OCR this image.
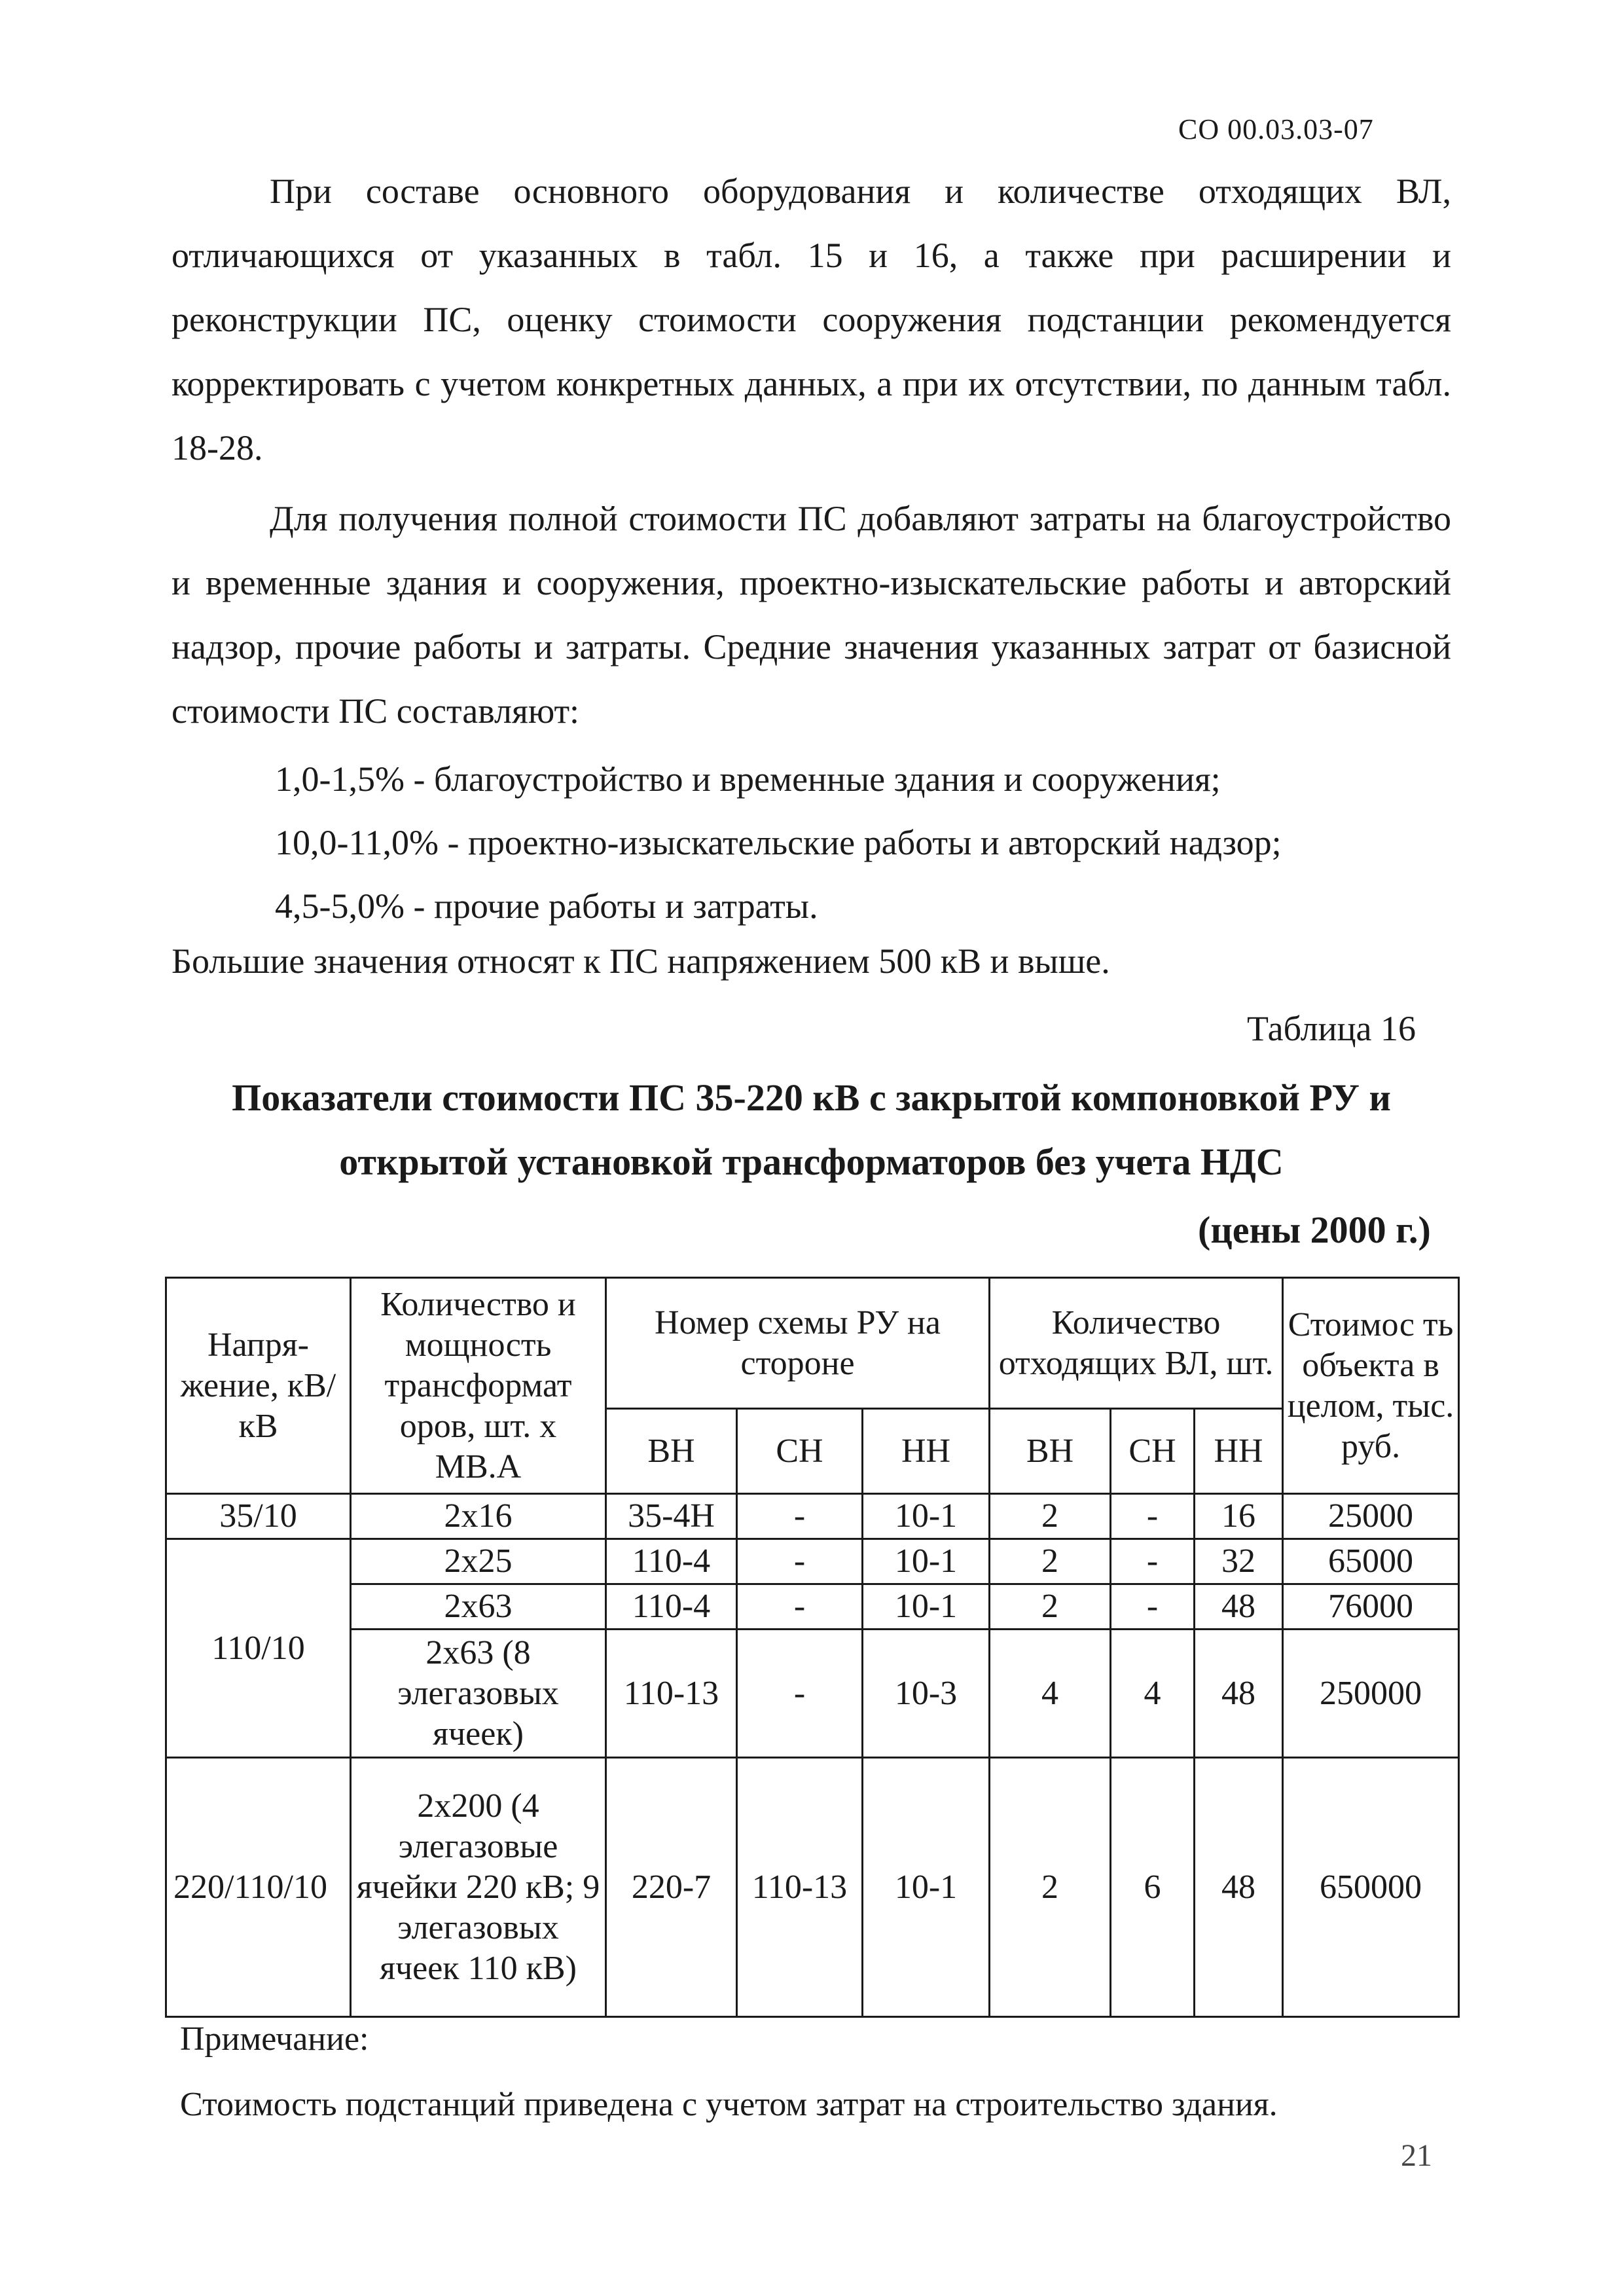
СО 00.03.03-07
При составе основного оборудования и количестве отходящих ВЛ, отличающихся от указанных в табл. 15 и 16, а также при расширении и реконструкции ПС, оценку стоимости сооружения подстанции рекомендуется корректировать с учетом конкретных данных, а при их отсутствии, по данным табл. 18-28.
Для получения полной стоимости ПС добавляют затраты на благоустройство и временные здания и сооружения, проектно-изыскательские работы и авторский надзор, прочие работы и затраты. Средние значения указанных затрат от базисной стоимости ПС составляют:
1,0-1,5% - благоустройство и временные здания и сооружения;
10,0-11,0% - проектно-изыскательские работы и авторский надзор;
4,5-5,0% - прочие работы и затраты.
Большие значения относят к ПС напряжением 500 кВ и выше.
Таблица 16
Показатели стоимости ПС 35-220 кВ с закрытой компоновкой РУ и открытой установкой трансформаторов без учета НДС
(цены 2000 г.)
Напря-жение, кВ/кВ	Количество и мощность трансформат оров, шт. х МВ.А	Номер схемы РУ на стороне			Количество отходящих ВЛ, шт.			Стоимос ть объекта в целом, тыс. руб.
		ВН	СН	НН	ВН	СН	НН	
35/10	2х16	35-4Н	-	10-1	2	-	16	25000
110/10	2х25	110-4	-	10-1	2	-	32	65000
	2х63	110-4	-	10-1	2	-	48	76000
	2х63 (8 элегазовых ячеек)	110-13	-	10-3	4	4	48	250000
220/110/10	2х200 (4 элегазовые ячейки 220 кВ; 9 элегазовых ячеек 110 кВ)	220-7	110-13	10-1	2	6	48	650000
Примечание:
Стоимость подстанций приведена с учетом затрат на строительство здания.
21
